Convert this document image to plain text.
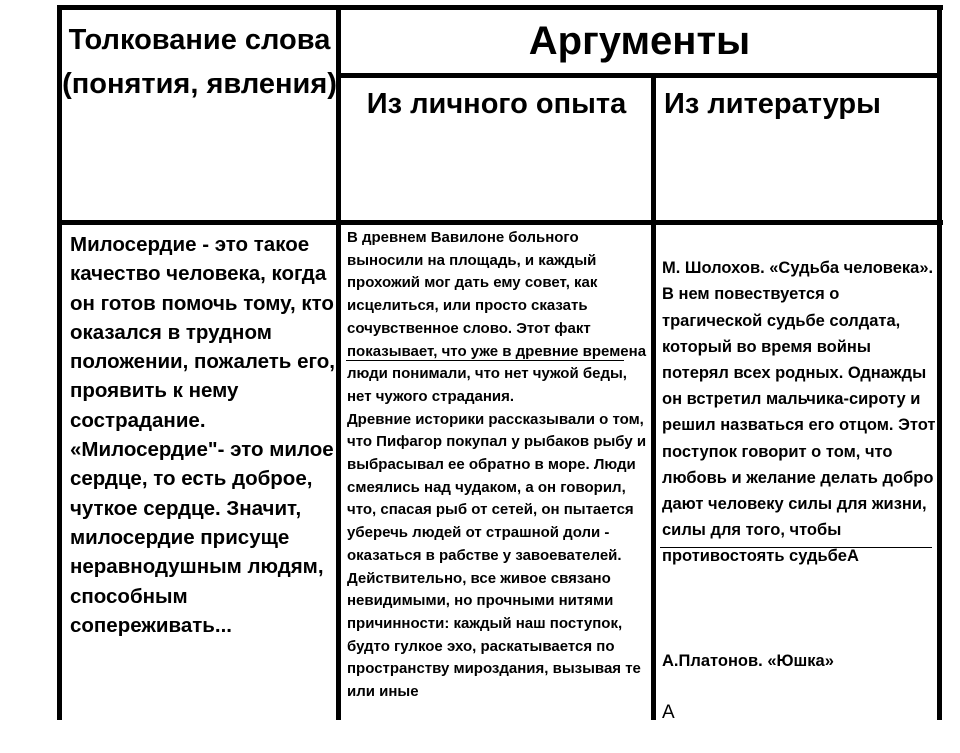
Толкование слова (понятия, явления)
Аргументы
Из личного опыта	Из литературы
Милосердие - это такое качество человека, когда он готов помочь тому, кто оказался в трудном положении, пожалеть его, проявить к нему сострадание.
«Милосердие"- это милое сердце, то есть доброе, чуткое сердце. Значит, милосердие присуще неравнодушным людям, способным сопереживать...
В древнем Вавилоне больного выносили на площадь, и каждый прохожий мог дать ему совет, как исцелиться, или просто сказать сочувственное слово. Этот факт показывает, что уже в древние времена люди понимали, что нет чужой беды, нет чужого страдания.
Древние историки рассказывали о том, что Пифагор покупал у рыбаков рыбу и выбрасывал ее обратно в море. Люди смеялись над чудаком, а он говорил, что, спасая рыб от сетей, он пытается уберечь людей от страшной доли - оказаться в рабстве у завоевателей. Действительно, все живое связано невидимыми, но прочными нитями причинности: каждый наш поступок, будто гулкое эхо, раскатывается по пространству мироздания, вызывая те или иные

М. Шолохов. «Судьба человека». В нем повествуется о трагической судьбе солдата, который во время войны потерял всех родных. Однажды он встретил мальчика-сироту и решил назваться его отцом. Этот поступок говорит о том, что любовь и желание делать добро дают человеку силы для жизни, силы для того, чтобы противостоять судьбеА

А.Платонов. «Юшка»

А
